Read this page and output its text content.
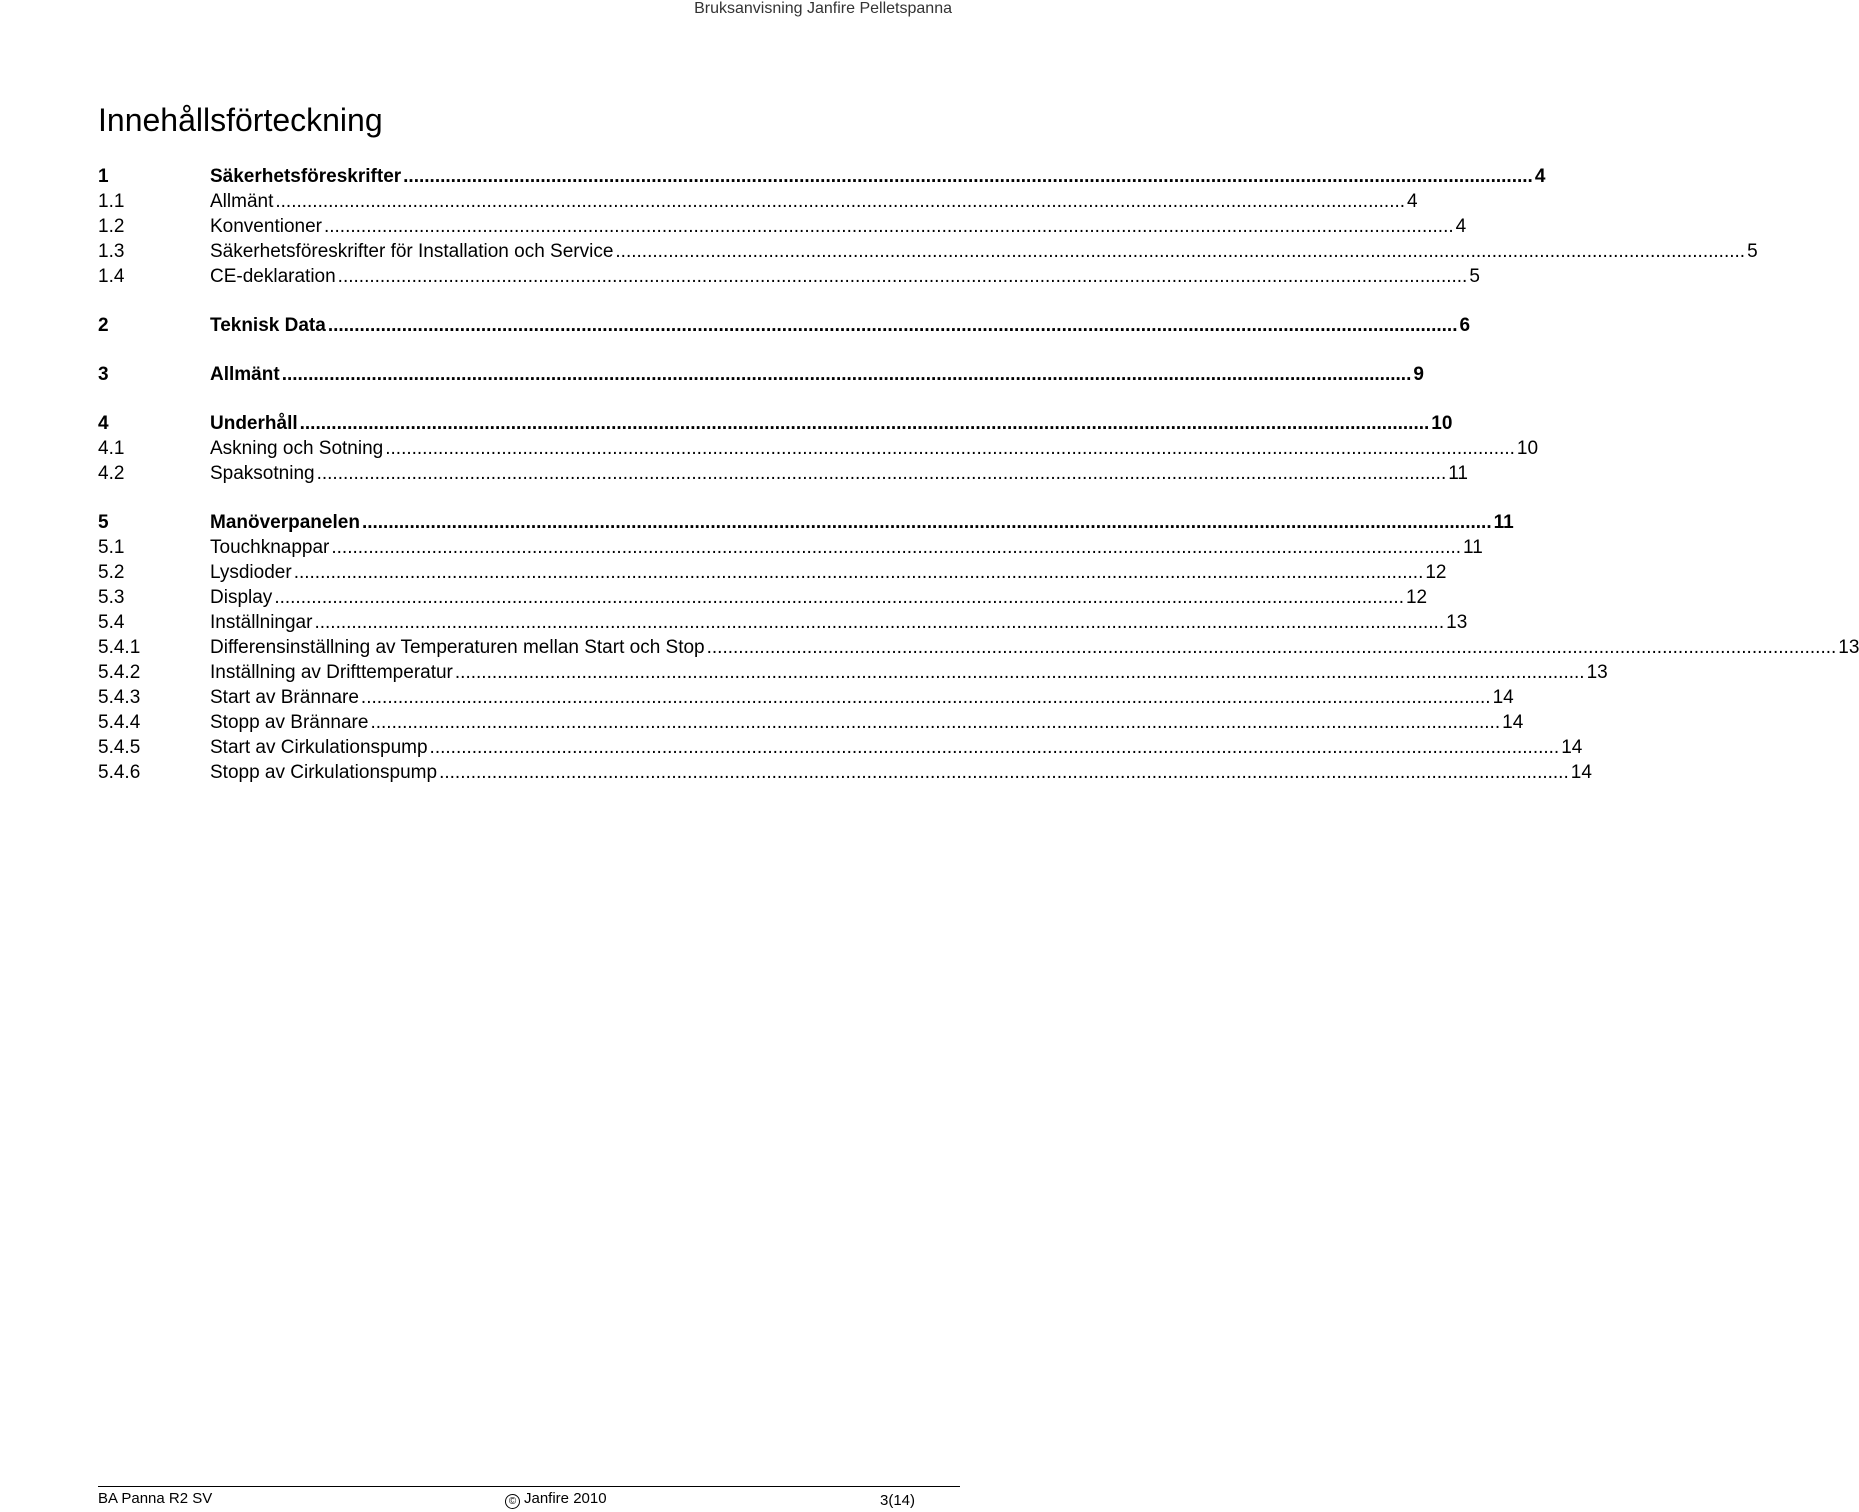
Bruksanvisning Janfire Pelletspanna
Innehållsförteckning
1	Säkerhetsföreskrifter .....	4
1.1	Allmänt .....	4
1.2	Konventioner .....	4
1.3	Säkerhetsföreskrifter för Installation och Service .....	5
1.4	CE-deklaration .....	5
2	Teknisk Data .....	6
3	Allmänt .....	9
4	Underhåll .....	10
4.1	Askning och Sotning .....	10
4.2	Spaksotning .....	11
5	Manöverpanelen .....	11
5.1	Touchknappar .....	11
5.2	Lysdioder .....	12
5.3	Display .....	12
5.4	Inställningar .....	13
5.4.1	Differensinställning av Temperaturen mellan Start och Stop .....	13
5.4.2	Inställning av Drifttemperatur .....	13
5.4.3	Start av Brännare .....	14
5.4.4	Stopp av Brännare .....	14
5.4.5	Start av Cirkulationspump .....	14
5.4.6	Stopp av Cirkulationspump .....	14
BA Panna R2 SV	© Janfire 2010	3(14)
